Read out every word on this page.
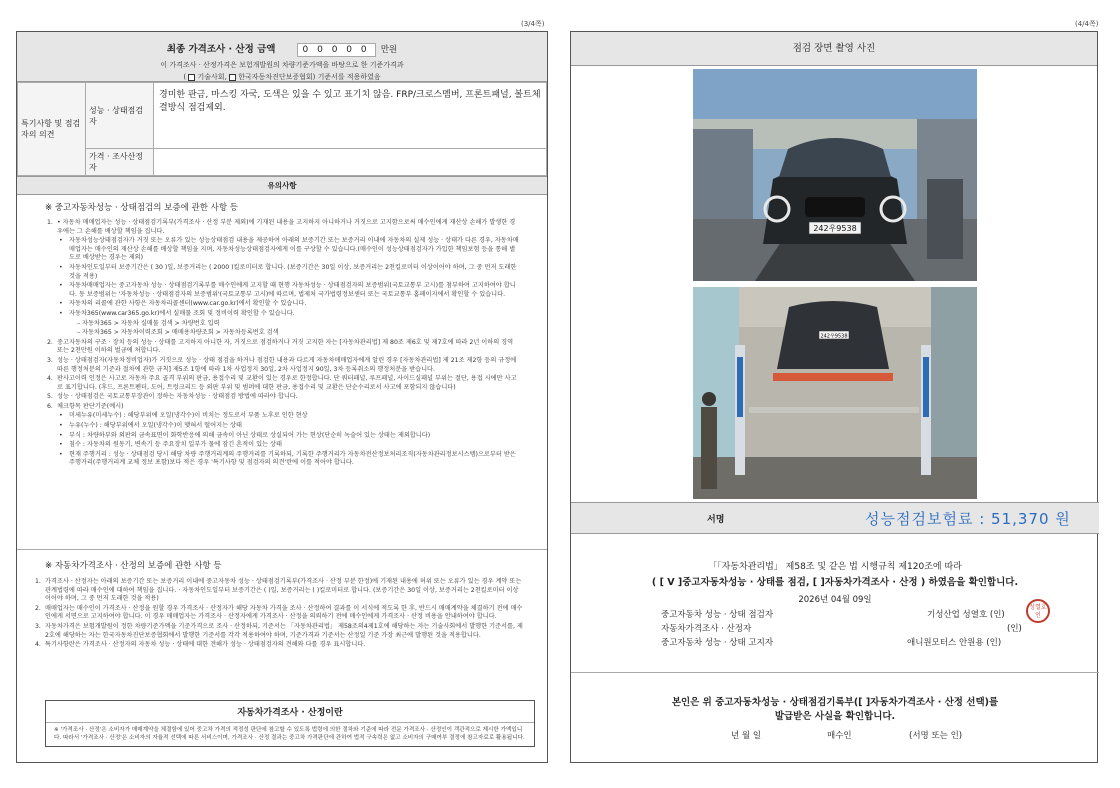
(3/4쪽)	(4/4쪽)
최종 가격조사 · 산정 금액	0 0 0 0 0 만원
이 가격조사 · 산정가격은 보험개발원의 차량기준가액을 바탕으로 한 기준가격과
( 기술사회, 한국자동차진단보증협회) 기준서를 적용하였음
특기사항 및 점검자의 의견	성능 · 상태점검자	경미한 판금, 마스킹 자국, 도색은 있을 수 있고 표기치 않음. FRP/크로스멤버, 프론트패널, 볼트체결방식 점검제외.
	가격 · 조사산정자	
유의사항
※ 중고자동차성능 · 상태점검의 보증에 관한 사항 등
1. • 자동차 매매업자는 성능 · 상태점검기록부(가격조사 · 산정 부분 제외)에 기재된 내용을 고지하지 아니하거나 거짓으로 고지함으로써 매수인에게 재산상 손해가 발생한 경우에는 그 손해를 배상할 책임을 집니다.
• 자동차성능상태점검자가 거짓 또는 오류가 있는 성능상태점검 내용을 제공하여 아래의 보증기간 또는 보증거리 이내에 자동차의 실제 성능 · 상태가 다른 경우, 자동차매매업자는 매수인의 재산상 손해를 배상할 책임을 지며, 자동차성능상태점검자에게 이를 구상할 수 있습니다.(매수인이 성능상태점검자가 가입한 책임보험 등을 통해 별도로 배상받는 경우는 제외)
• 자동차인도일부터 보증기간은 ( 30 )일, 보증거리는 ( 2000 )킬로미터로 합니다. (보증기간은 30일 이상, 보증거리는 2천킬로미터 이상이어야 하며, 그 중 먼저 도래한 것을 적용)
• 자동차매매업자는 중고자동차 성능 · 상태점검기록부를 매수인에게 고지할 때 현행 자동차성능 · 상태점검자의 보증범위(국토교통부 고시)를 첨부하여 고지하여야 합니다. 동 보증범위는 '자동차성능 · 상태점검자의 보증범위'(국토교통부 고시)에 따르며, 법제처 국가법령정보센터 또는 국토교통부 홈페이지에서 확인할 수 있습니다.
• 자동차의 리콜에 관한 사항은 자동차리콜센터(www.car.go.kr)에서 확인할 수 있습니다.
• 자동차365(www.car365.go.kr)에서 실매물 조회 및 정비이력 확인할 수 있습니다.
– 자동차365 > 자동차 실매물 검색 > 차량번호 입력
– 자동차365 > 자동차이력조회 > 매매용차량조회 > 자동차등록번호 검색
2. 중고자동차의 구조 · 장치 등의 성능 · 상태를 고지하지 아니한 자, 거짓으로 점검하거나 거짓 고지한 자는 [자동차관리법] 제 80조 제6호 및 제7호에 따라 2년 이하의 징역 또는 2천만원 이하의 벌금에 처합니다.
3. 성능 · 상태점검자(자동차정비업자)가 거짓으로 성능 · 상태 점검을 하거나 점검한 내용과 다르게 자동차매매업자에게 알린 경우 [자동차관리법] 제 21조 제2항 등의 규정에 따른 행정처분의 기준과 절차에 관한 규칙] 제5조 1항에 따라 1차 사업정지 30일, 2차 사업정지 90일, 3차 등록취소의 행정처분을 받습니다.
4. 판사고이력 인정은 사고로 자동차 주요 골격 부위의 판금, 용접수리 및 교환이 있는 경우로 한정합니다. 단 쿼터패널, 루프패널, 사이드실패널 부위는 절단, 용접 시에만 사고로 표기합니다. (후드, 프론트펜더, 도어, 트렁크리드 등 외판 부위 및 범퍼에 대한 판금, 용접수리 및 교환은 단순수리로서 사고에 포함되지 않습니다)
5. 성능 · 상태점검은 국토교통부장관이 정하는 자동차성능 · 상태점검 방법에 따라야 합니다.
6. 체크항목 판단기준(예시)
• 미세누유(미세누수) : 해당부위에 오일(냉각수)이 비치는 정도로서 부품 노후로 인한 현상
• 누유(누수) : 해당부위에서 오일(냉각수)이 맺혀서 떨어지는 상태
• 부식 : 차량하부와 외판의 금속표면이 화학반응에 의해 금속이 아닌 상태로 상실되어 가는 현상(단순히 녹슬어 있는 상태는 제외합니다)
• 침수 : 자동차의 원동기, 변속기 등 주요장치 일부가 물에 잠긴 흔적이 있는 상태
• 현재 주행거리 : 성능 · 상태점검 당시 해당 차량 주행거리계의 주행거리를 기록하되, 기록한 주행거리가 자동차전산정보처리조직(자동차관리정보시스템)으로부터 받은 주행거리(주행거리계 교체 정보 포함)보다 적은 경우 '특기사항 및 점검자의 의견'란에 이를 적어야 합니다.
※ 자동차가격조사 · 산정의 보증에 관한 사항 등
1. 가격조사 · 산정자는 아래의 보증기간 또는 보증거리 이내에 중고자동차 성능 · 상태점검기록부(가격조사 · 산정 부분 한정)에 기재된 내용에 허위 또는 오류가 있는 경우 계약 또는 관계법령에 따라 매수인에 대하여 책임을 집니다. · 자동차인도일부터 보증기간은 ( )일, 보증거리는 ( )킬로미터로 합니다. (보증기간은 30일 이상, 보증거리는 2천킬로미터 이상이어야 하며, 그 중 먼저 도래한 것을 적용)
2. 매매업자는 매수인이 가격조사 · 산정을 원할 경우 가격조사 · 산정자가 해당 자동차 가격을 조사 · 산정하여 결과를 이 서식에 적도록 한 후, 반드시 매매계약을 체결하기 전에 매수인에게 서면으로 고지하여야 합니다. 이 경우 매매업자는 가격조사 · 산정자에게 가격조사 · 산정을 의뢰하기 전에 매수인에게 가격조사 · 산정 비용을 안내하여야 합니다.
3. 자동차가격은 보험개발원이 정한 차량기준가액을 기준가격으로 조사 · 산정하되, 기준서는 「자동차관리법」 제58조의4제1호에 해당하는 자는 기술사회에서 발행한 기준서를, 제2호에 해당하는 자는 한국자동차진단보증협회에서 발행한 기준서를 각각 적용하여야 하며, 기준가격과 기준서는 산정일 기준 가장 최근에 발행된 것을 적용합니다.
4. 특기사항란은 가격조사 · 산정자의 자동차 성능 · 상태에 대한 견해가 성능 · 상태점검자의 견해와 다를 경우 표시합니다.
자동차가격조사 · 산정이란
※ '가격조사 · 산정'은 소비자가 매매계약을 체결함에 있어 중고차 가격의 적정성 판단에 참고할 수 있도록 법령에 의한 절차와 기준에 따라 전문 가격조사 · 산정인이 객관적으로 제시한 가액입니다. 따라서 '가격조사 · 산정'은 소비자의 자율적 선택에 따른 서비스이며, 가격조사 · 산정 결과는 중고차 가격판단에 관하여 법적 구속력은 없고 소비자의 구매여부 결정에 참고자료로 활용됩니다.
점검 장면 촬영 사진
242우9538
242우9538
서명	성능점검보험료 : 51,370 원
「「자동차관리법」 제58조 및 같은 법 시행규칙 제120조에 따라
( [ V ]중고자동차성능 · 상태를 점검, [ ]자동차가격조사 · 산정 ) 하였음을 확인합니다.
2026년 04월 09일
중고자동차 성능 · 상태 점검자	기성산업 성열호 (인)
성열호인
자동차가격조사 · 산정자	(인)
중고자동차 성능 · 상태 고지자	애니원모터스 안원용 (인)
본인은 위 중고자동차성능 · 상태점검기록부([ ]자동차가격조사 · 산정 선택)를
발급받은 사실을 확인합니다.
년 월 일	매수인	(서명 또는 인)
